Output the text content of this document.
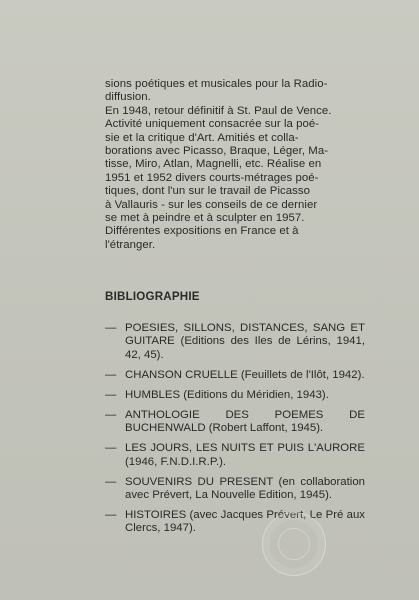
sions poétiques et musicales pour la Radio-
diffusion.

En 1948, retour définitif à St. Paul de Vence.
Activité uniquement consacrée sur la poé-
sie et la critique d'Art. Amitiés et colla-
borations avec Picasso, Braque, Léger, Ma-
tisse, Miro, Atlan, Magnelli, etc. Réalise en
1951 et 1952 divers courts-métrages poé-
tiques, dont l'un sur le travail de Picasso
à Vallauris - sur les conseils de ce dernier
se met à peindre et à sculpter en 1957.
Différentes expositions en France et à
l'étranger.

BIBLIOGRAPHIE
— POESIES, SILLONS, DISTANCES, SANG ET GUITARE (Editions des Iles de Lérins, 1941, 42, 45).
— CHANSON CRUELLE (Feuillets de l'Ilôt, 1942).
— HUMBLES (Editions du Méridien, 1943).
— ANTHOLOGIE DES POEMES DE BUCHENWALD (Robert Laffont, 1945).
— LES JOURS, LES NUITS ET PUIS L'AURORE (1946, F.N.D.I.R.P.).
— SOUVENIRS DU PRESENT (en collaboration avec Prévert, La Nouvelle Edition, 1945).
— HISTOIRES (avec Jacques Prévert, Le Pré aux Clercs, 1947).
